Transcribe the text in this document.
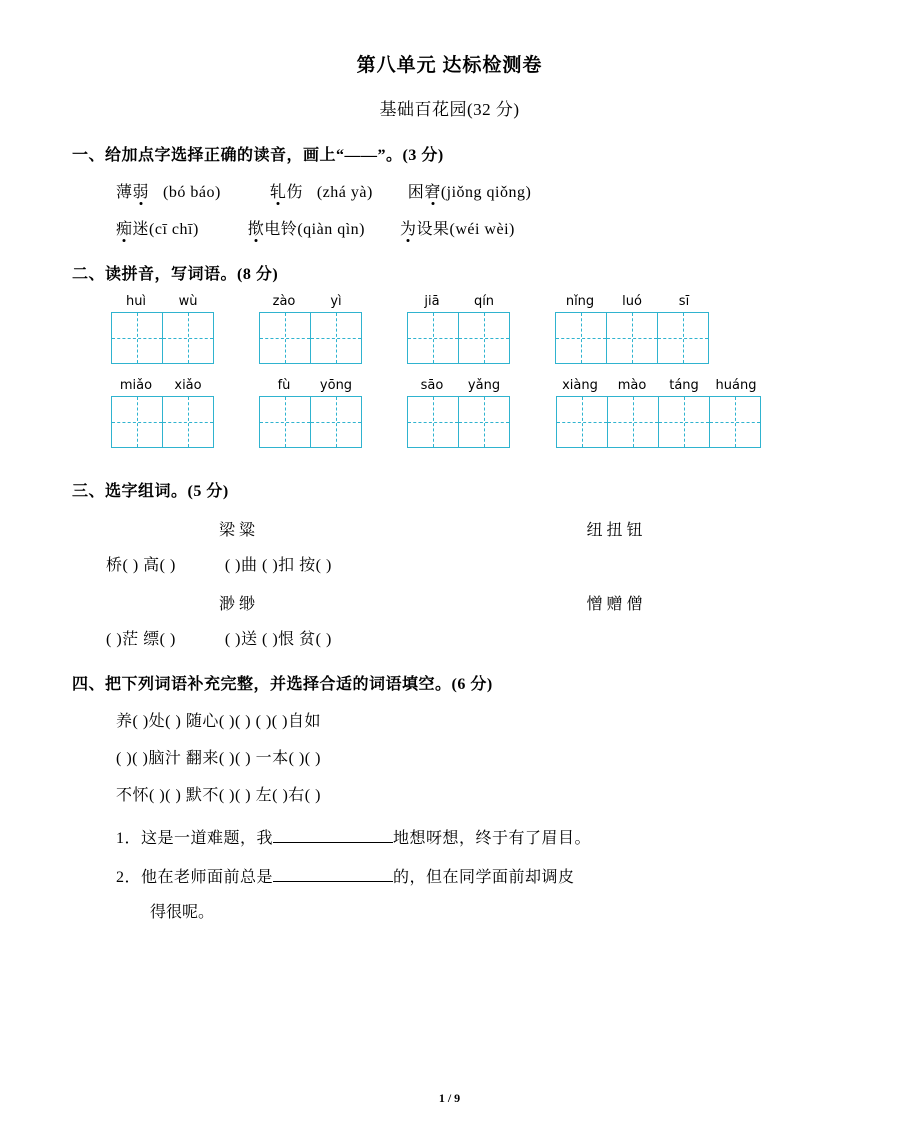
第八单元 达标检测卷
基础百花园(32 分)
一、给加点字选择正确的读音，画上“——”。(3 分)
薄弱 (bó báo)	轧伤 (zhá yà) 困窘(jiǒng qiǒng)
痴迷(cī chī)	揿电铃(qiàn qìn) 为设果(wéi wèi)
二、读拼音，写词语。(8 分)
huì	wù	zào	yì	jiā	qín	nǐng	luó	sī
miǎo	xiǎo	fù	yōng	sāo	yǎng	xiàng	mào	táng	huáng
三、选字组词。(5 分)
梁 粱	纽 扭 钮
桥( ) 高( )	( )曲 ( )扣 按( )
渺 缈	憎 赠 僧
( )茫 缥( )	( )送 ( )恨 贫( )
四、把下列词语补充完整，并选择合适的词语填空。(6 分)
养( )处( ) 随心( )( ) ( )( )自如
( )( )脑汁 翻来( )( ) 一本( )( )
不怀( )( ) 默不( )( ) 左( )右( )
1．这是一道难题，我	地想呀想，终于有了眉目。
2．他在老师面前总是	的，但在同学面前却调皮
得很呢。
1 / 9
